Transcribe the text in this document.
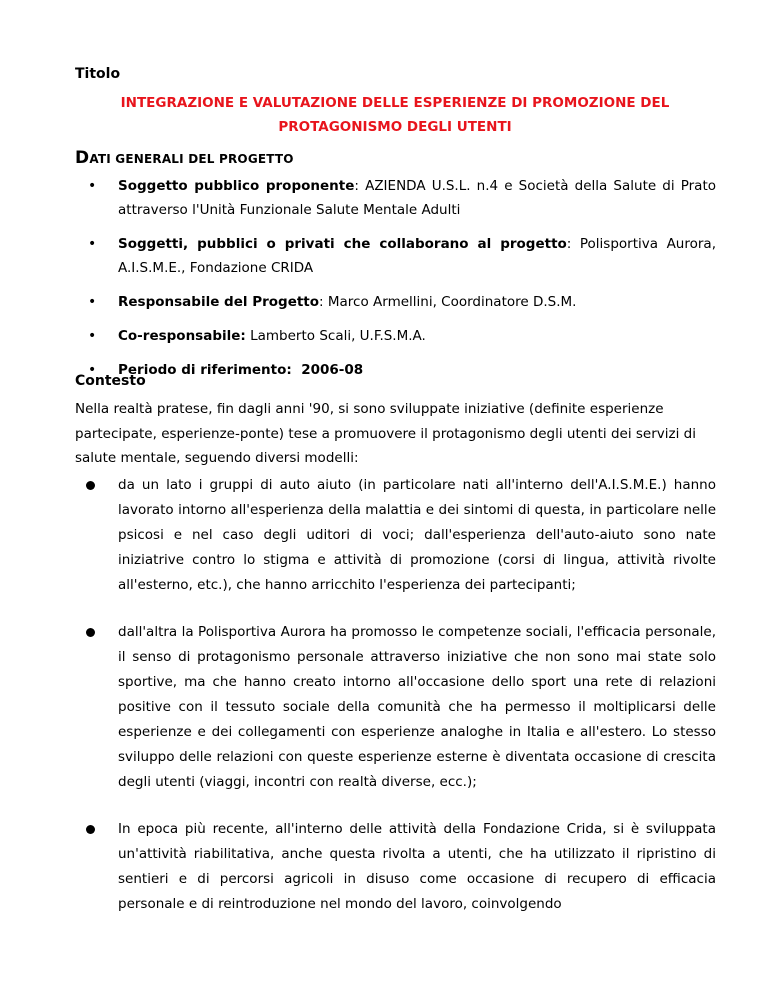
Titolo
INTEGRAZIONE E VALUTAZIONE DELLE ESPERIENZE DI PROMOZIONE DEL
PROTAGONISMO DEGLI UTENTI
DATI GENERALI DEL PROGETTO
• Soggetto pubblico proponente: AZIENDA U.S.L. n.4 e Società della Salute di Prato attraverso l'Unità Funzionale Salute Mentale Adulti
• Soggetti, pubblici o privati che collaborano al progetto: Polisportiva Aurora, A.I.S.M.E., Fondazione CRIDA
• Responsabile del Progetto: Marco Armellini, Coordinatore D.S.M.
• Co-responsabile: Lamberto Scali, U.F.S.M.A.
• Periodo di riferimento:  2006-08
Contesto
Nella realtà pratese, fin dagli anni '90, si sono sviluppate iniziative (definite esperienze partecipate, esperienze-ponte) tese a promuovere il protagonismo degli utenti dei servizi di salute mentale, seguendo diversi modelli:
da un lato i gruppi di auto aiuto (in particolare nati all'interno dell'A.I.S.M.E.) hanno lavorato intorno all'esperienza della malattia e dei sintomi di questa, in particolare nelle psicosi e nel caso degli uditori di voci; dall'esperienza dell'auto-aiuto sono nate iniziatrive contro lo stigma e attività di promozione (corsi di lingua, attività rivolte all'esterno, etc.), che hanno arricchito l'esperienza dei partecipanti;
dall'altra la Polisportiva Aurora ha promosso le competenze sociali, l'efficacia personale, il senso di protagonismo personale attraverso iniziative che non sono mai state solo sportive, ma che hanno creato intorno all'occasione dello sport una rete di relazioni positive con il tessuto sociale della comunità che ha permesso il moltiplicarsi delle esperienze e dei collegamenti con esperienze analoghe in Italia e all'estero. Lo stesso sviluppo delle relazioni con queste esperienze esterne è diventata occasione di crescita degli utenti (viaggi, incontri con realtà diverse, ecc.);
In epoca più recente, all'interno delle attività della Fondazione Crida, si è sviluppata un'attività riabilitativa, anche questa rivolta a utenti, che ha utilizzato il ripristino di sentieri e di percorsi agricoli in disuso come occasione di recupero di efficacia personale e di reintroduzione nel mondo del lavoro, coinvolgendo
